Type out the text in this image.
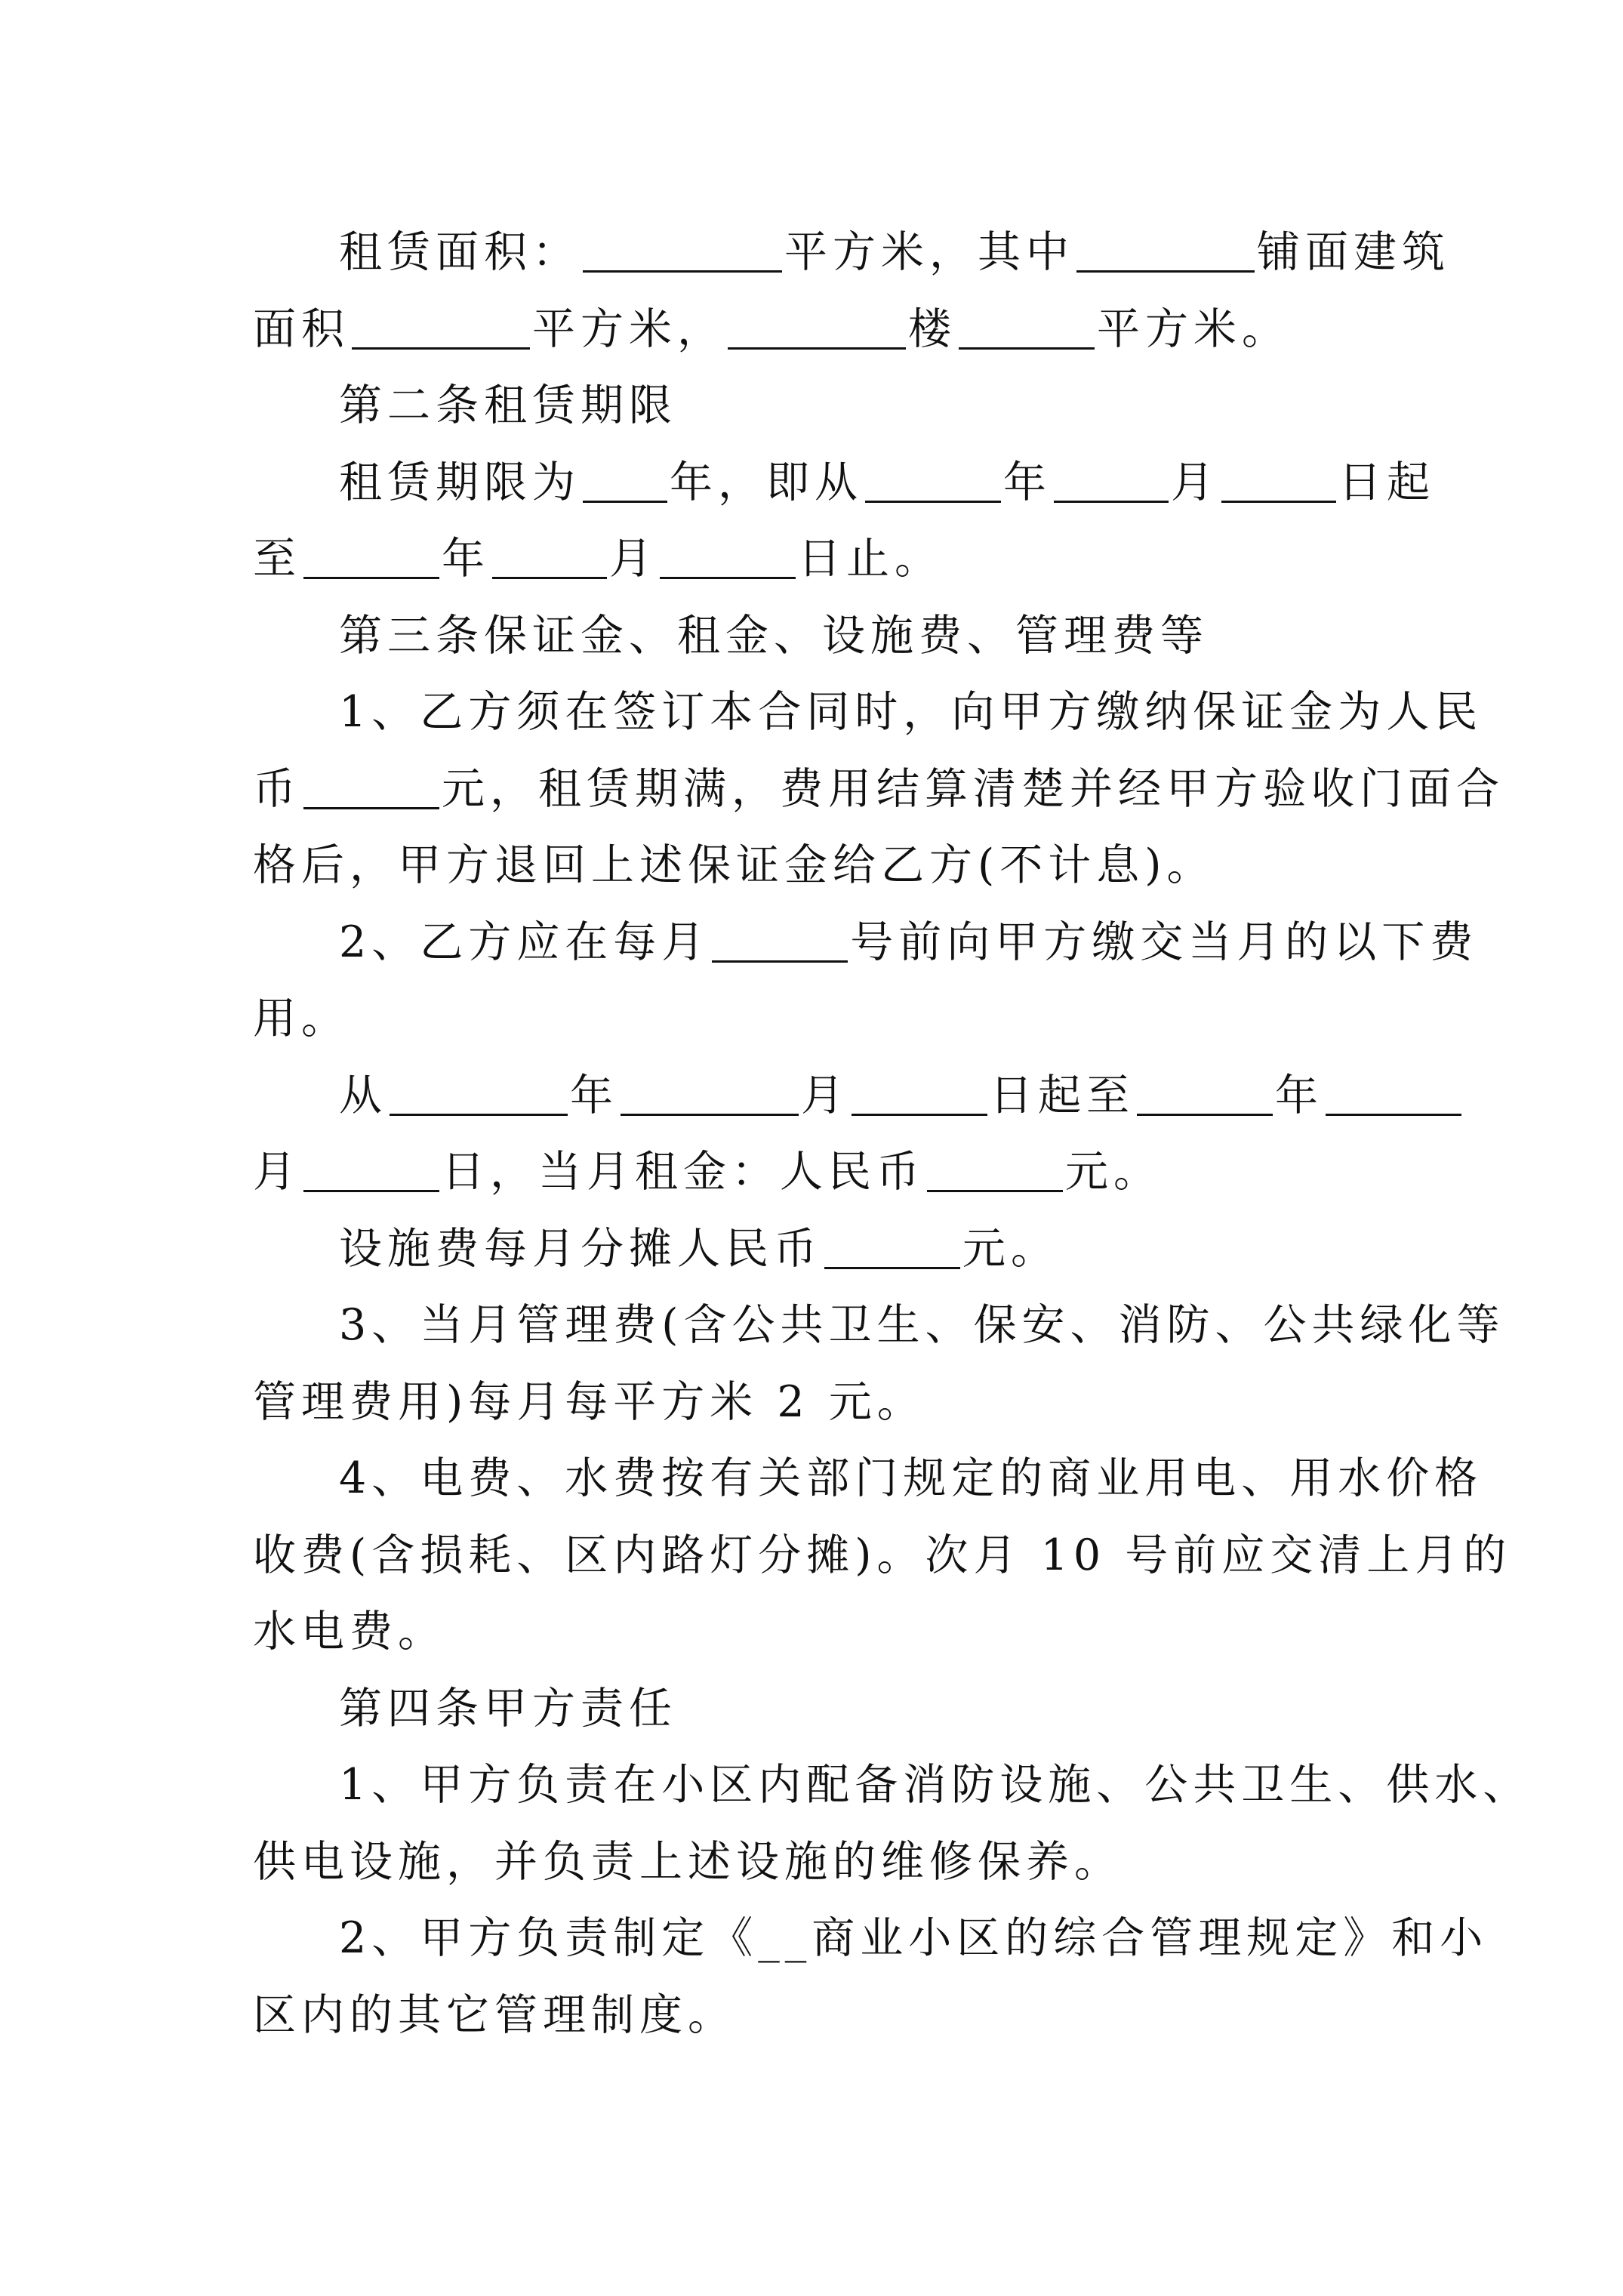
租赁面积：	平方米，其中	铺面建筑
面积	平方米，	楼	平方米。
第二条租赁期限
租赁期限为 年，即从	年	月	日起
至	年	月	日止。
第三条保证金、租金、设施费、管理费等
1、乙方须在签订本合同时，向甲方缴纳保证金为人民
币	元，租赁期满，费用结算清楚并经甲方验收门面合
格后，甲方退回上述保证金给乙方(不计息)。
2、乙方应在每月	号前向甲方缴交当月的以下费
用。
从	年	月	日起至	年
月	日，当月租金：人民币	元。
设施费每月分摊人民币	元。
3、当月管理费(含公共卫生、保安、消防、公共绿化等
管理费用)每月每平方米 2 元。
4、电费、水费按有关部门规定的商业用电、用水价格
收费(含损耗、区内路灯分摊)。次月 10 号前应交清上月的
水电费。
第四条甲方责任
1、甲方负责在小区内配备消防设施、公共卫生、供水、
供电设施，并负责上述设施的维修保养。
2、甲方负责制定《__商业小区的综合管理规定》和小
区内的其它管理制度。
